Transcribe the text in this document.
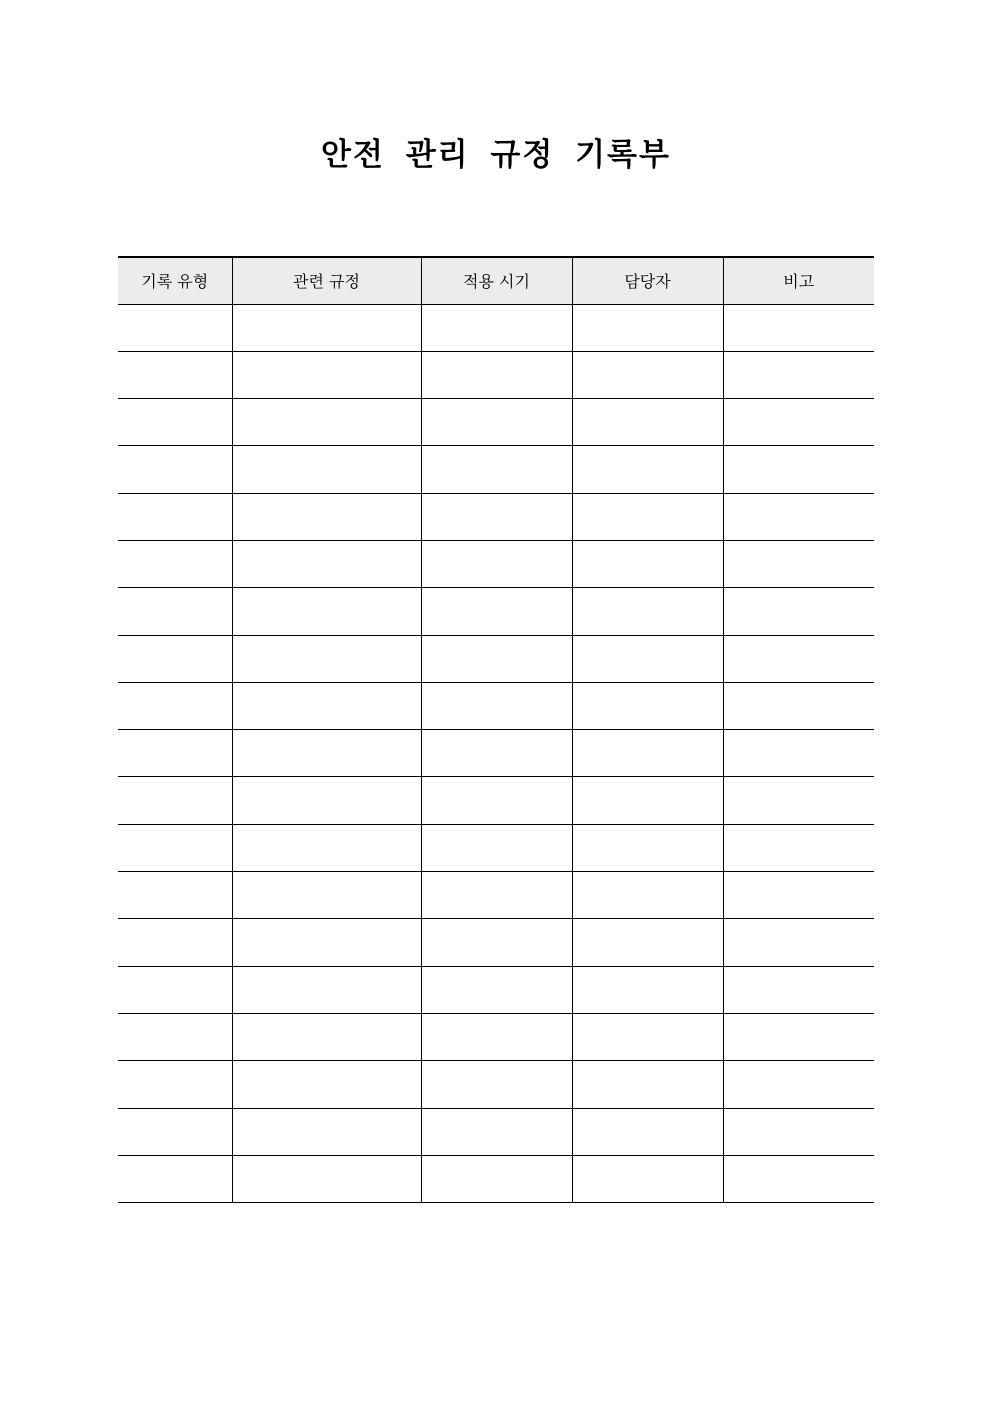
안전 관리 규정 기록부
기록 유형	관련 규정	적용 시기	담당자	비고
